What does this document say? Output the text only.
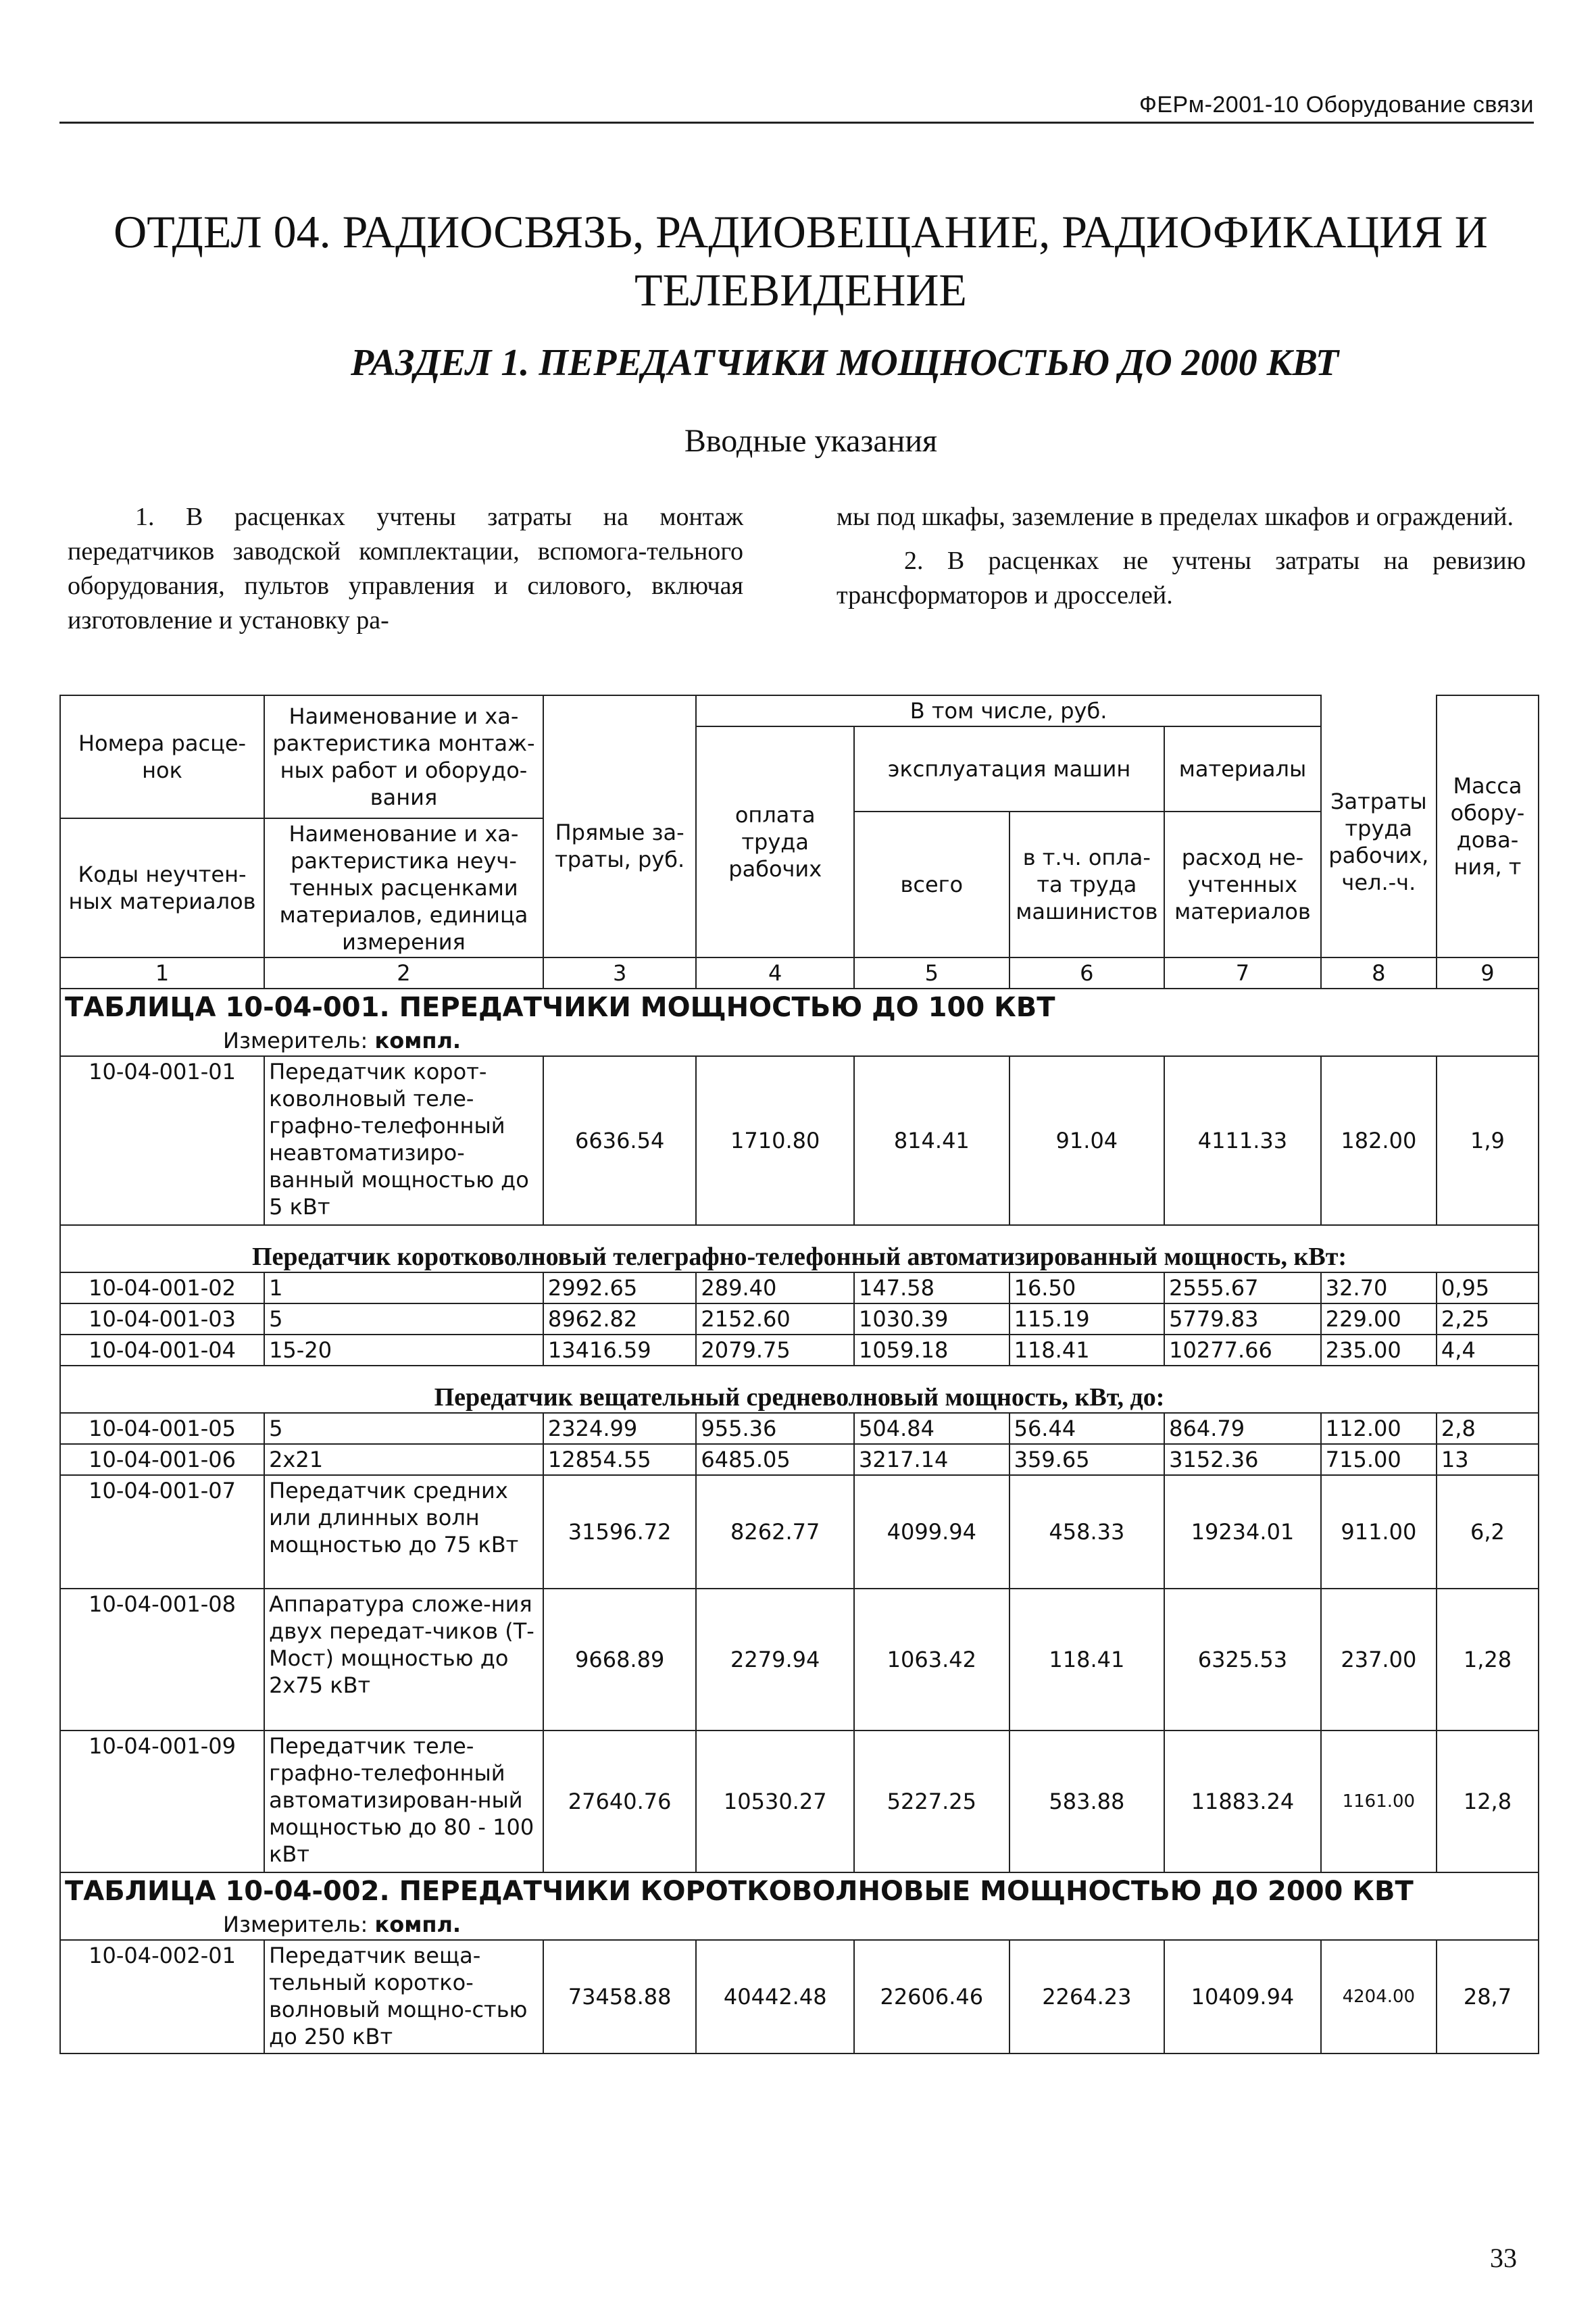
ФЕРм-2001-10 Оборудование связи
ОТДЕЛ 04. РАДИОСВЯЗЬ, РАДИОВЕЩАНИЕ, РАДИОФИКАЦИЯ И
ТЕЛЕВИДЕНИЕ
РАЗДЕЛ 1. ПЕРЕДАТЧИКИ МОЩНОСТЬЮ ДО 2000 КВТ
Вводные указания

1. В расценках учтены затраты на монтаж передатчиков заводской комплектации, вспомога-тельного оборудования, пультов управления и силового, включая изготовление и установку ра-

мы под шкафы, заземление в пределах шкафов и ограждений.

2. В расценках не учтены затраты на ревизию трансформаторов и дросселей.

Номера расце-нок	Наименование и ха-рактеристика монтаж-ных работ и оборудо-вания	Прямые за-траты, руб.	В том числе, руб.					Масса обору-дова-ния, т
			оплата труда рабочих	эксплуатация машин		материалы	Затраты труда рабочих, чел.-ч.	
				всего	в т.ч. опла-та труда машинистов	расход не-учтенных материалов		
Коды неучтен-ных материалов	Наименование и ха-рактеристика неуч-тенных расценками материалов, единица измерения							

1	2	3	4	5	6	7	8	9
ТАБЛИЦА 10-04-001. ПЕРЕДАТЧИКИ МОЩНОСТЬЮ ДО 100 КВТ								
Измеритель: компл.								
10-04-001-01	Передатчик корот-коволновый теле-графно-телефонный неавтоматизиро-ванный мощностью до 5 кВт	6636.54	1710.80	814.41	91.04	4111.33	182.00	1,9
Передатчик коротковолновый телеграфно-телефонный автоматизированный мощность, кВт:								
10-04-001-02	1	2992.65	289.40	147.58	16.50	2555.67	32.70	0,95
10-04-001-03	5	8962.82	2152.60	1030.39	115.19	5779.83	229.00	2,25
10-04-001-04	15-20	13416.59	2079.75	1059.18	118.41	10277.66	235.00	4,4
Передатчик вещательный средневолновый мощность, кВт, до:								
10-04-001-05	5	2324.99	955.36	504.84	56.44	864.79	112.00	2,8
10-04-001-06	2x21	12854.55	6485.05	3217.14	359.65	3152.36	715.00	13
10-04-001-07	Передатчик средних или длинных волн мощностью до 75 кВт	31596.72	8262.77	4099.94	458.33	19234.01	911.00	6,2
10-04-001-08	Аппаратура сложе-ния двух передат-чиков (Т-Мост) мощностью до 2x75 кВт	9668.89	2279.94	1063.42	118.41	6325.53	237.00	1,28
10-04-001-09	Передатчик теле-графно-телефонный автоматизирован-ный мощностью до 80 - 100 кВт	27640.76	10530.27	5227.25	583.88	11883.24	1161.00	12,8
ТАБЛИЦА 10-04-002. ПЕРЕДАТЧИКИ КОРОТКОВОЛНОВЫЕ МОЩНОСТЬЮ ДО 2000 КВТ								
Измеритель: компл.								
10-04-002-01	Передатчик веща-тельный коротко-волновый мощно-стью до 250 кВт	73458.88	40442.48	22606.46	2264.23	10409.94	4204.00	28,7
33
